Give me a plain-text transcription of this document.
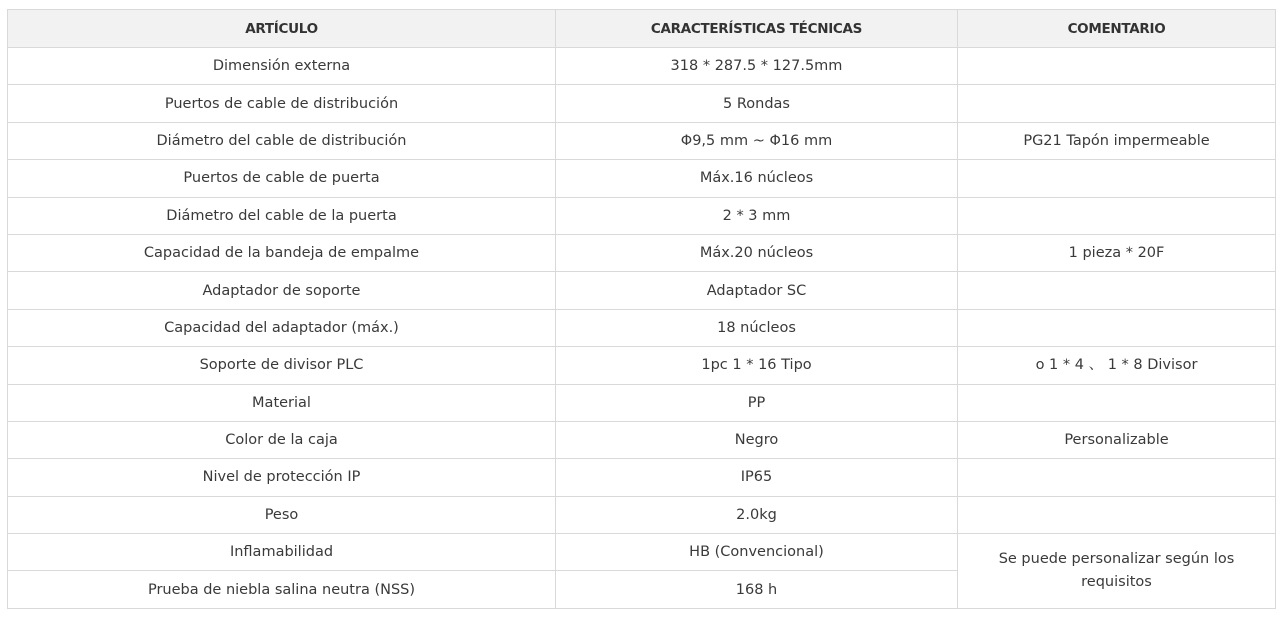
ARTÍCULO	CARACTERÍSTICAS TÉCNICAS	COMENTARIO
Dimensión externa	318 * 287.5 * 127.5mm	
Puertos de cable de distribución	5 Rondas	
Diámetro del cable de distribución	Φ9,5 mm ~ Φ16 mm	PG21 Tapón impermeable
Puertos de cable de puerta	Máx.16 núcleos	
Diámetro del cable de la puerta	2 * 3 mm	
Capacidad de la bandeja de empalme	Máx.20 núcleos	1 pieza * 20F
Adaptador de soporte	Adaptador SC	
Capacidad del adaptador (máx.)	18 núcleos	
Soporte de divisor PLC	1pc 1 * 16 Tipo	o 1 * 4 、 1 * 8 Divisor
Material	PP	
Color de la caja	Negro	Personalizable
Nivel de protección IP	IP65	
Peso	2.0kg	
Inflamabilidad	HB (Convencional)	Se puede personalizar según los requisitos
Prueba de niebla salina neutra (NSS)	168 h	
